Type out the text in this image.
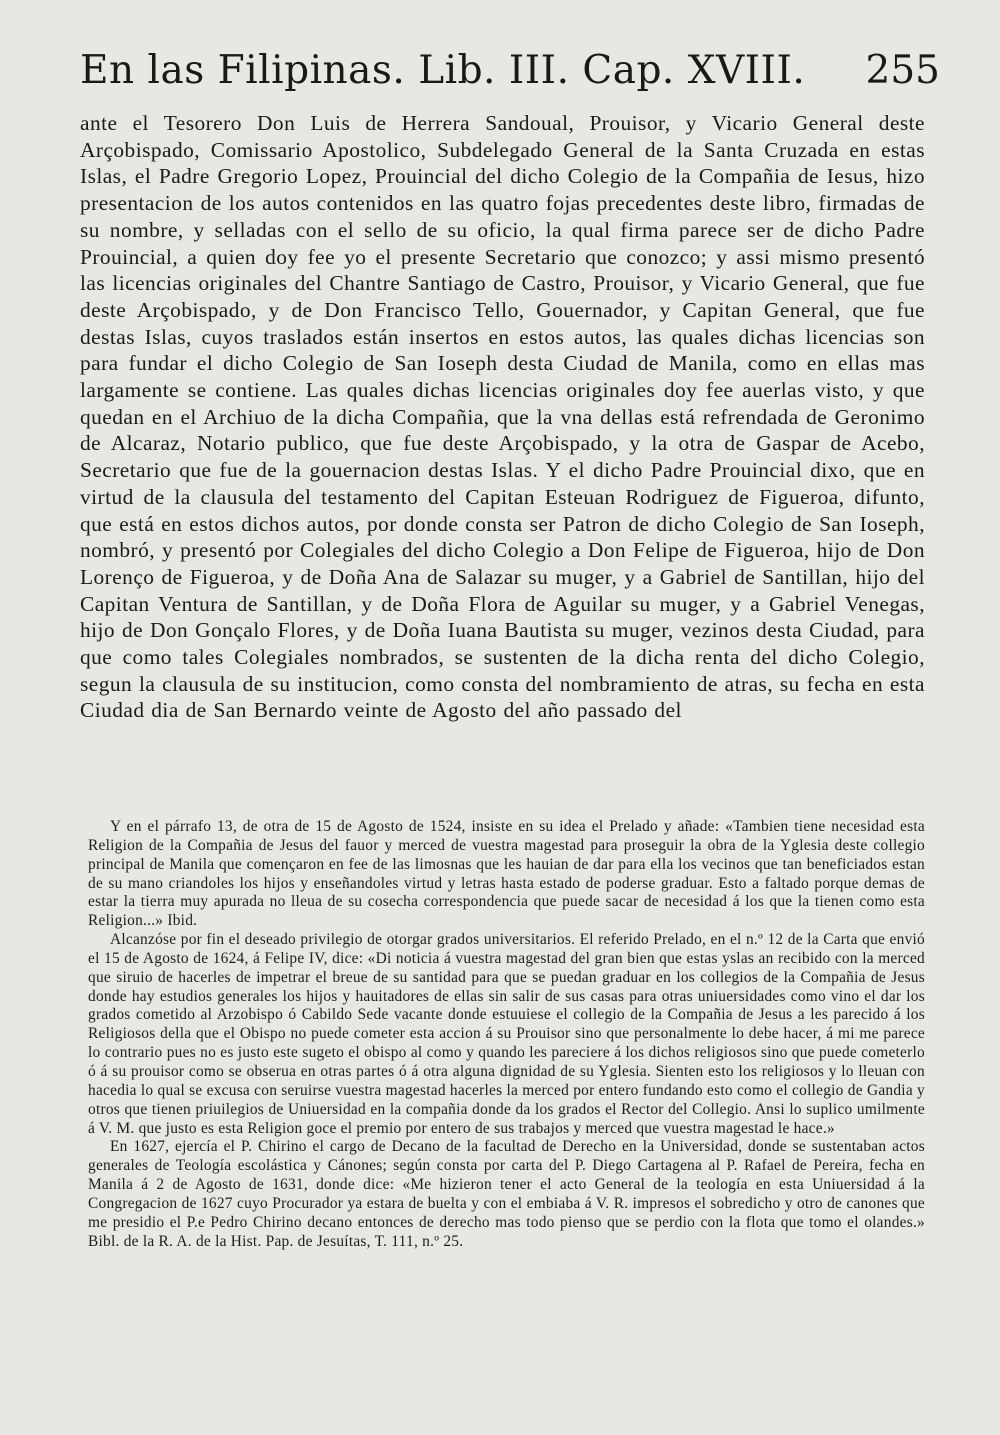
En las Filipinas. Lib. III. Cap. XVIII. 255

ante el Tesorero Don Luis de Herrera Sandoual, Prouisor, y Vicario General deste Arçobispado, Comissario Apostolico, Subdelegado General de la Santa Cruzada en estas Islas, el Padre Gregorio Lopez, Prouincial del dicho Colegio de la Compañia de Iesus, hizo presentacion de los autos contenidos en las quatro fojas precedentes deste libro, firmadas de su nombre, y selladas con el sello de su oficio, la qual firma parece ser de dicho Padre Prouincial, a quien doy fee yo el presente Secretario que conozco; y assi mismo presentó las licencias originales del Chantre Santiago de Castro, Prouisor, y Vicario General, que fue deste Arçobispado, y de Don Francisco Tello, Gouernador, y Capitan General, que fue destas Islas, cuyos traslados están insertos en estos autos, las quales dichas licencias son para fundar el dicho Colegio de San Ioseph desta Ciudad de Manila, como en ellas mas largamente se contiene. Las quales dichas licencias originales doy fee auerlas visto, y que quedan en el Archiuo de la dicha Compañia, que la vna dellas está refrendada de Geronimo de Alcaraz, Notario publico, que fue deste Arçobispado, y la otra de Gaspar de Acebo, Secretario que fue de la gouernacion destas Islas. Y el dicho Padre Prouincial dixo, que en virtud de la clausula del testamento del Capitan Esteuan Rodriguez de Figueroa, difunto, que está en estos dichos autos, por donde consta ser Patron de dicho Colegio de San Ioseph, nombró, y presentó por Colegiales del dicho Colegio a Don Felipe de Figueroa, hijo de Don Lorenço de Figueroa, y de Doña Ana de Salazar su muger, y a Gabriel de Santillan, hijo del Capitan Ventura de Santillan, y de Doña Flora de Aguilar su muger, y a Gabriel Venegas, hijo de Don Gonçalo Flores, y de Doña Iuana Bautista su muger, vezinos desta Ciudad, para que como tales Colegiales nombrados, se sustenten de la dicha renta del dicho Colegio, segun la clausula de su institucion, como consta del nombramiento de atras, su fecha en esta Ciudad dia de San Bernardo veinte de Agosto del año passado del

Y en el párrafo 13, de otra de 15 de Agosto de 1524, insiste en su idea el Prelado y añade: «Tambien tiene necesidad esta Religion de la Compañia de Jesus del fauor y merced de vuestra magestad para proseguir la obra de la Yglesia deste collegio principal de Manila que començaron en fee de las limosnas que les hauian de dar para ella los vecinos que tan beneficiados estan de su mano criandoles los hijos y enseñandoles virtud y letras hasta estado de poderse graduar. Esto a faltado porque demas de estar la tierra muy apurada no lleua de su cosecha correspondencia que puede sacar de necesidad á los que la tienen como esta Religion...» Ibid.

Alcanzóse por fin el deseado privilegio de otorgar grados universitarios. El referido Prelado, en el n.º 12 de la Carta que envió el 15 de Agosto de 1624, á Felipe IV, dice: «Di noticia á vuestra magestad del gran bien que estas yslas an recibido con la merced que siruio de hacerles de impetrar el breue de su santidad para que se puedan graduar en los collegios de la Compañia de Jesus donde hay estudios generales los hijos y hauitadores de ellas sin salir de sus casas para otras uniuersidades como vino el dar los grados cometido al Arzobispo ó Cabildo Sede vacante donde estuuiese el collegio de la Compañia de Jesus a les parecido á los Religiosos della que el Obispo no puede cometer esta accion á su Prouisor sino que personalmente lo debe hacer, á mi me parece lo contrario pues no es justo este sugeto el obispo al como y quando les pareciere á los dichos religiosos sino que puede cometerlo ó á su prouisor como se obserua en otras partes ó á otra alguna dignidad de su Yglesia. Sienten esto los religiosos y lo lleuan con hacedia lo qual se excusa con seruirse vuestra magestad hacerles la merced por entero fundando esto como el collegio de Gandia y otros que tienen priuilegios de Uniuersidad en la compañia donde da los grados el Rector del Collegio. Ansi lo suplico umilmente á V. M. que justo es esta Religion goce el premio por entero de sus trabajos y merced que vuestra magestad le hace.»

En 1627, ejercía el P. Chirino el cargo de Decano de la facultad de Derecho en la Universidad, donde se sustentaban actos generales de Teología escolástica y Cánones; según consta por carta del P. Diego Cartagena al P. Rafael de Pereira, fecha en Manila á 2 de Agosto de 1631, donde dice: «Me hizieron tener el acto General de la teología en esta Uniuersidad á la Congregacion de 1627 cuyo Procurador ya estara de buelta y con el embiaba á V. R. impresos el sobredicho y otro de canones que me presidio el P.e Pedro Chirino decano entonces de derecho mas todo pienso que se perdio con la flota que tomo el olandes.» Bibl. de la R. A. de la Hist. Pap. de Jesuítas, T. 111, n.º 25.
